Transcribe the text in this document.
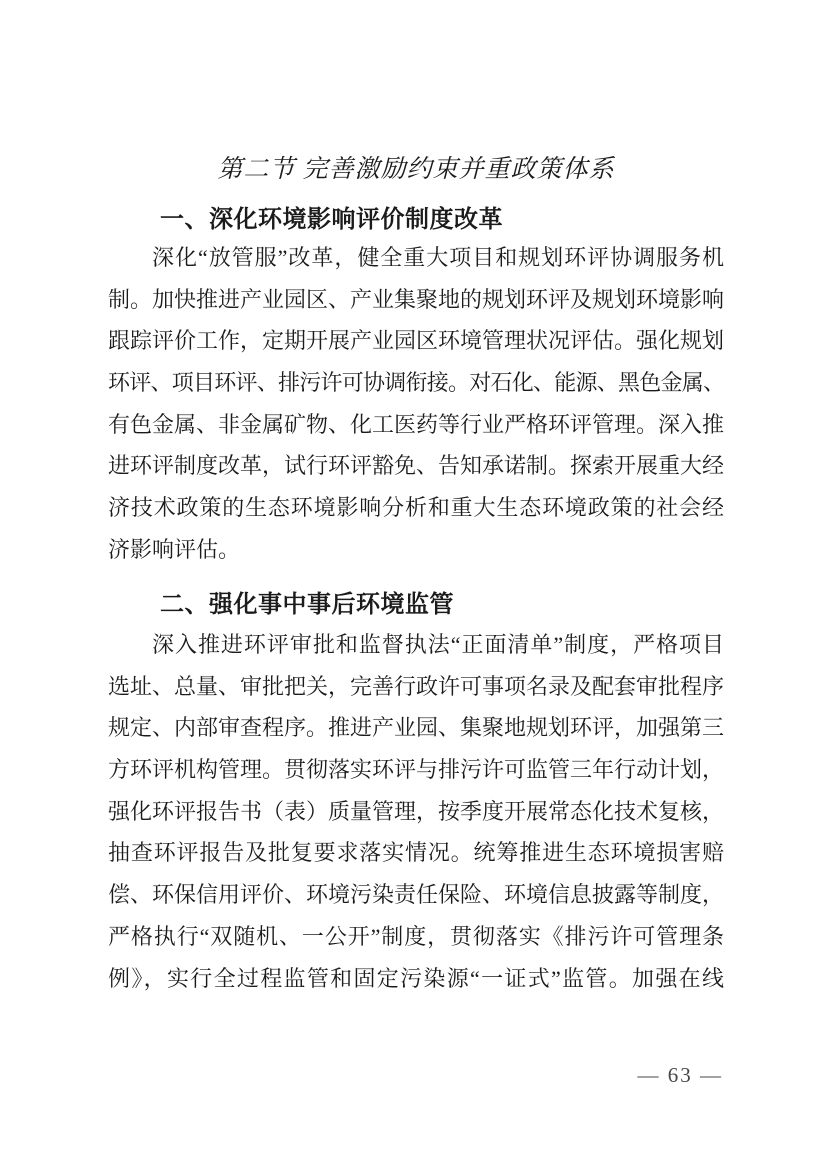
第二节 完善激励约束并重政策体系
一、深化环境影响评价制度改革
深化“放管服”改革，健全重大项目和规划环评协调服务机
制。加快推进产业园区、产业集聚地的规划环评及规划环境影响
跟踪评价工作，定期开展产业园区环境管理状况评估。强化规划
环评、项目环评、排污许可协调衔接。对石化、能源、黑色金属、
有色金属、非金属矿物、化工医药等行业严格环评管理。深入推
进环评制度改革，试行环评豁免、告知承诺制。探索开展重大经
济技术政策的生态环境影响分析和重大生态环境政策的社会经
济影响评估。
二、强化事中事后环境监管
深入推进环评审批和监督执法“正面清单”制度，严格项目
选址、总量、审批把关，完善行政许可事项名录及配套审批程序
规定、内部审查程序。推进产业园、集聚地规划环评，加强第三
方环评机构管理。贯彻落实环评与排污许可监管三年行动计划，
强化环评报告书（表）质量管理，按季度开展常态化技术复核，
抽查环评报告及批复要求落实情况。统筹推进生态环境损害赔
偿、环保信用评价、环境污染责任保险、环境信息披露等制度，
严格执行“双随机、一公开”制度，贯彻落实《排污许可管理条
例》，实行全过程监管和固定污染源“一证式”监管。加强在线
— 63 —
